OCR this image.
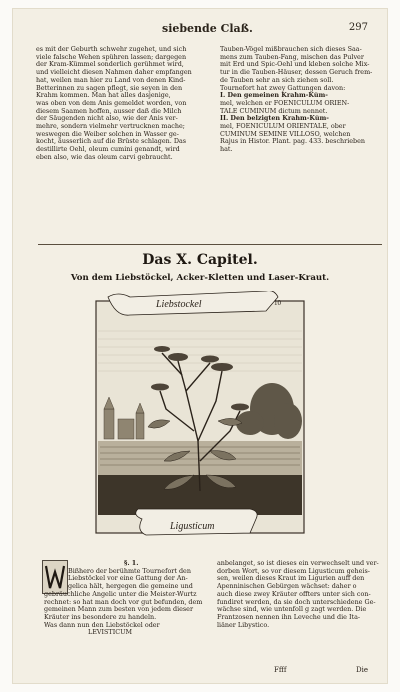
siebende Claß.	297

es mit der Geburth schwehr zugehet, und sich

viele falsche Wehen spühren lassen; dargegen

der Kram-Kümmel sonderlich gerühmet wird,

und vielleicht diesen Nahmen daher empfangen

hat, weilen man hier zu Land von denen Kind-

Betterinnen zu sagen pflegt, sie seyen in den

Krahm kommen. Man hat alles dasjenige,

was oben von dem Anis gemeldet worden, von

diesem Saamen hoffen, ausser daß die Milch

der Säugenden nicht also, wie der Anis ver-

mehre, sondern vielmehr vertrucknen mache;

weswegen die Weiber solchen in Wasser ge-

kocht, äusserlich auf die Brüste schlagen. Das

destillirte Oehl, oleum cumini genandt, wird

eben also, wie das oleum carvi gebraucht.

Tauben-Vögel mißbrauchen sich dieses Saa-

mens zum Tauben-Fang, mischen das Pulver

mit Erd und Spic-Oehl und kleben solche Mix-

tur in die Tauben-Häuser, dessen Geruch frem-

de Tauben sehr an sich ziehen soll.

Tournefort hat zwey Gattungen davon:

I. Den gemeinen Krahm-Küm-

mel, welchen er FOENICULUM ORIEN-

TALE CUMINUM dictum nennet.

II. Den belzigten Krahm-Küm-

mel, FOENICULUM ORIENTALE, ober

CUMINUM SEMINE VILLOSO, welchen

Rajus in Histor. Plant. pag. 433. beschrieben

hat.

Das X. Capitel.
Von dem Liebstöckel, Acker-Kletten und Laser-Kraut.
Liebstockel	10
Ligusticum

§. 1.

Bißhero der berühmte Tournefort den

Liebstöckel vor eine Gattung der An-

gelica hält, hergegen die gemeine und

gebräuchliche Angelic unter die Meister-Wurtz

rechnet: so hat man doch vor gut befunden, dem

gemeinen Mann zum besten von jedem dieser

Kräuter ins besondere zu handeln.

Was dann nun den Liebstöckel oder

LEVISTICUM

anbelanget, so ist dieses ein verwechselt und ver-

dorben Wort, so vor diesem Ligusticum geheis-

sen, weilen dieses Kraut im Ligurien auff den

Apenninischen Gebürgen wächset: daher o

auch diese zwey Kräuter offters unter sich con-

fundiret werden, da sie doch unterschiedene Ge-

wächse sind, wie untenfoll g zagt werden. Die

Frantzosen nennen ihn Leveche und die Ita-

liäner Libystico.

Ffff	Die
